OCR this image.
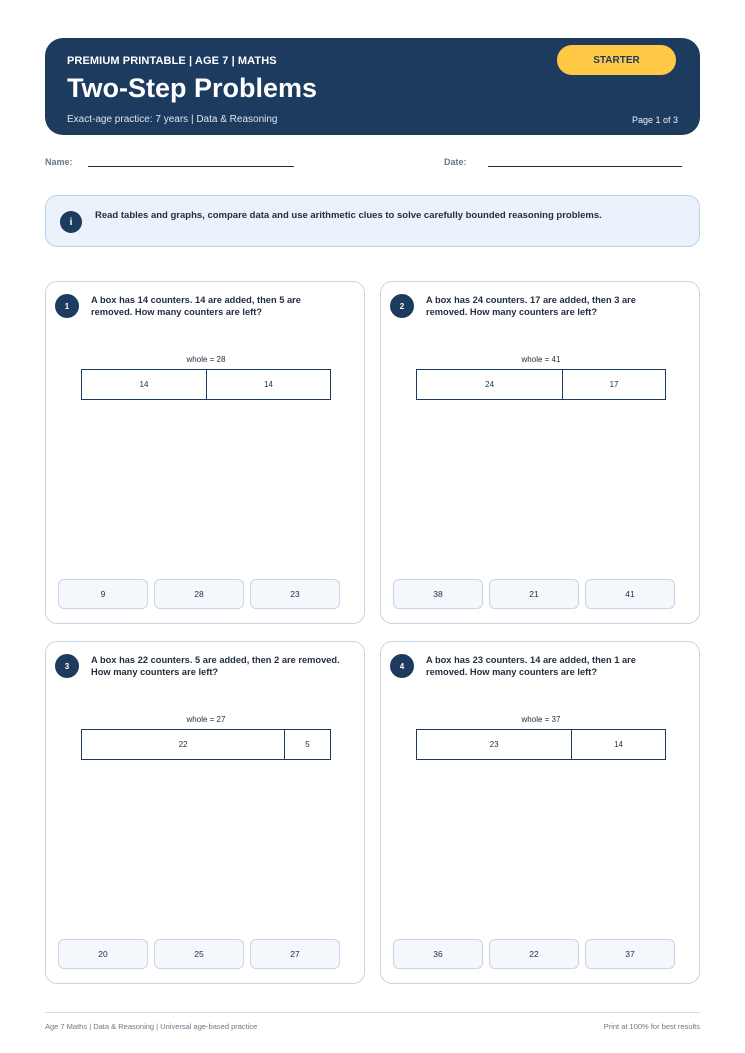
PREMIUM PRINTABLE | AGE 7 | MATHS
Two-Step Problems
Exact-age practice: 7 years | Data & Reasoning	Page 1 of 3
STARTER
Name:	Date:
i
Read tables and graphs, compare data and use arithmetic clues to solve carefully bounded reasoning problems.
1
A box has 14 counters. 14 are added, then 5 are removed. How many counters are left?
whole = 28
14	14
9	28	23
2
A box has 24 counters. 17 are added, then 3 are removed. How many counters are left?
whole = 41
24	17
38	21	41
3
A box has 22 counters. 5 are added, then 2 are removed. How many counters are left?
whole = 27
22	5
20	25	27
4
A box has 23 counters. 14 are added, then 1 are removed. How many counters are left?
whole = 37
23	14
36	22	37
Age 7 Maths | Data & Reasoning | Universal age-based practice	Print at 100% for best results
